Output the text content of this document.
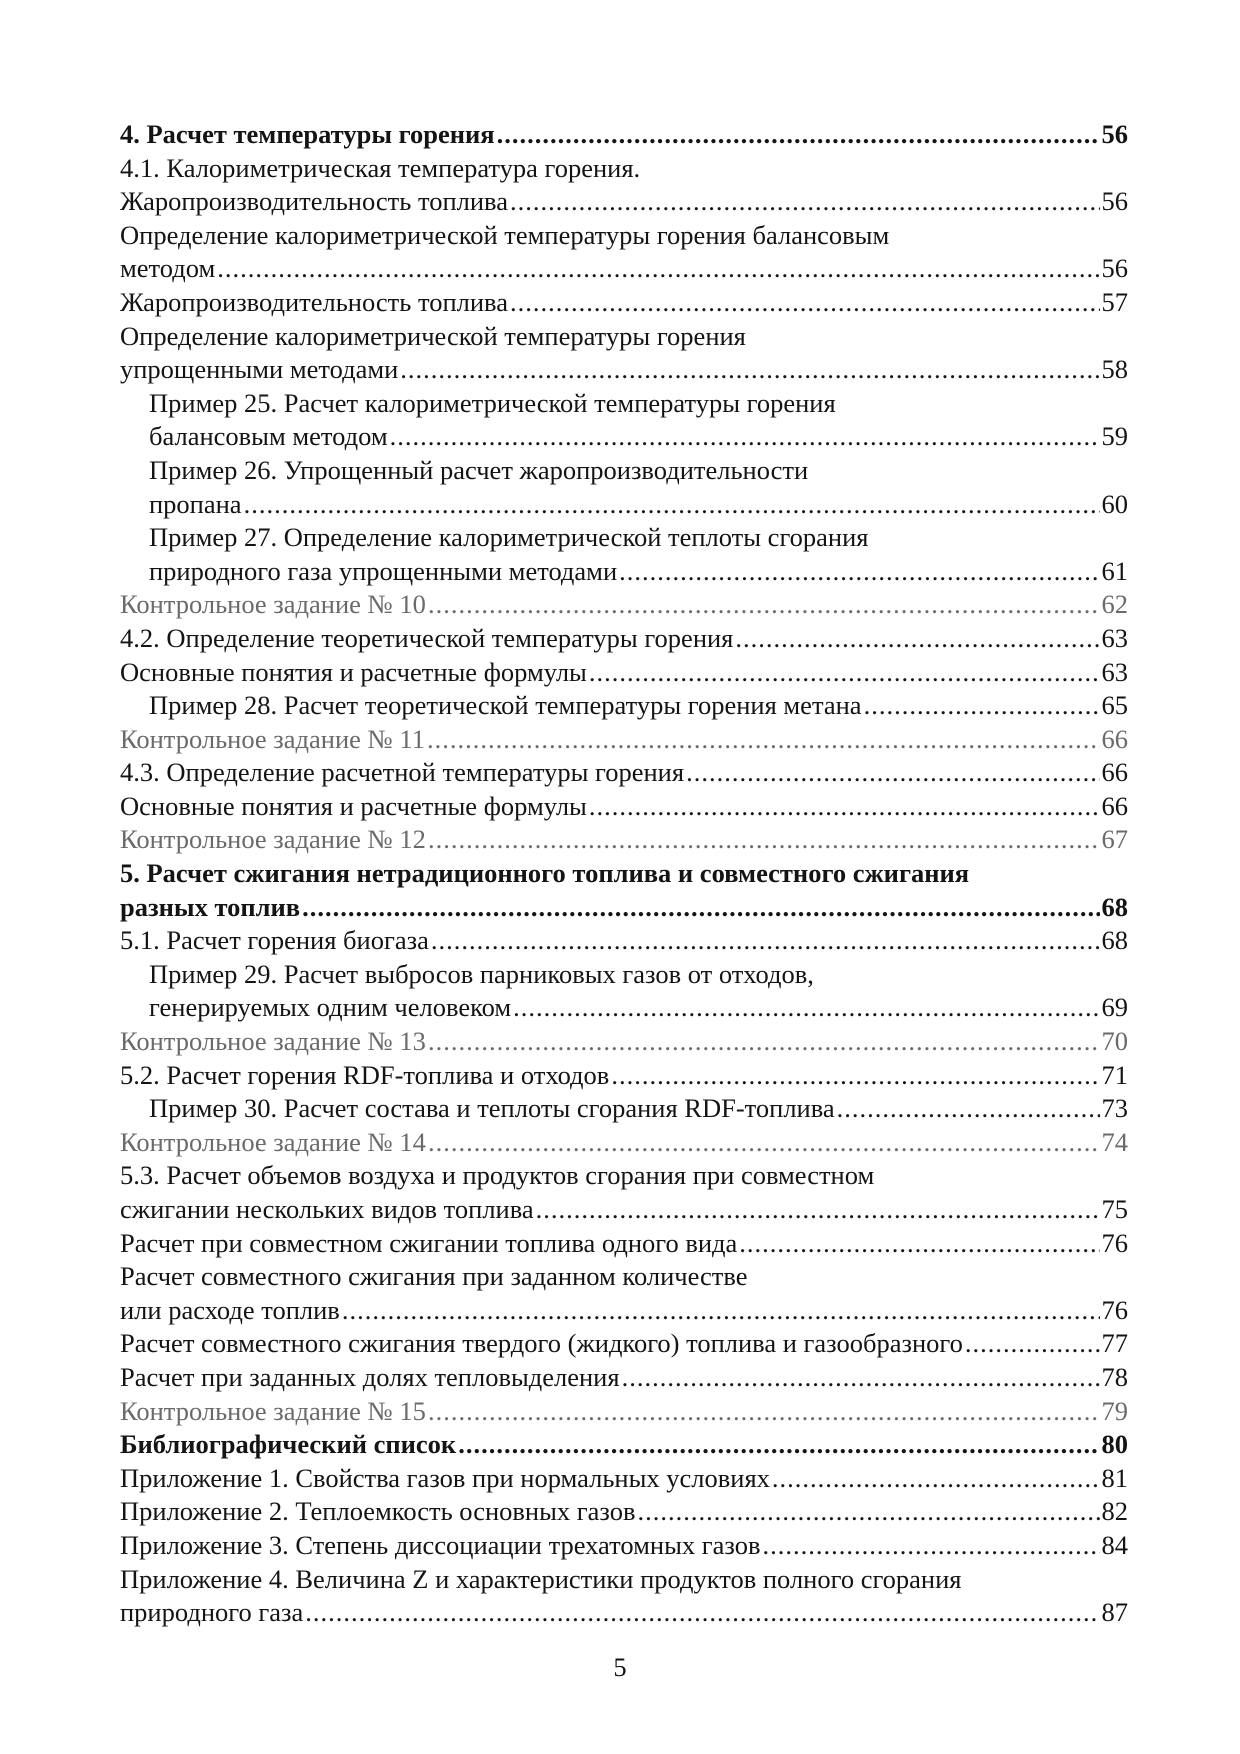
4. Расчет температуры горения .....	56
4.1. Калориметрическая температура горения.
Жаропроизводительность топлива .....	56
Определение калориметрической температуры горения балансовым
методом .....	56
Жаропроизводительность топлива .....	57
Определение калориметрической температуры горения
упрощенными методами .....	58
Пример 25. Расчет калориметрической температуры горения
балансовым методом .....	59
Пример 26. Упрощенный расчет жаропроизводительности
пропана .....	60
Пример 27. Определение калориметрической теплоты сгорания
природного газа упрощенными методами .....	61
Контрольное задание № 10 .....	62
4.2. Определение теоретической температуры горения .....	63
Основные понятия и расчетные формулы .....	63
Пример 28. Расчет теоретической температуры горения метана .....	65
Контрольное задание № 11 .....	66
4.3. Определение расчетной температуры горения .....	66
Основные понятия и расчетные формулы .....	66
Контрольное задание № 12 .....	67
5. Расчет сжигания нетрадиционного топлива и совместного сжигания
разных топлив .....	68
5.1. Расчет горения биогаза .....	68
Пример 29. Расчет выбросов парниковых газов от отходов,
генерируемых одним человеком .....	69
Контрольное задание № 13 .....	70
5.2. Расчет горения RDF-топлива и отходов .....	71
Пример 30. Расчет состава и теплоты сгорания RDF-топлива .....	73
Контрольное задание № 14 .....	74
5.3. Расчет объемов воздуха и продуктов сгорания при совместном
сжигании нескольких видов топлива .....	75
Расчет при совместном сжигании топлива одного вида .....	76
Расчет совместного сжигания при заданном количестве
или расходе топлив .....	76
Расчет совместного сжигания твердого (жидкого) топлива и газообразного .....	77
Расчет при заданных долях тепловыделения .....	78
Контрольное задание № 15 .....	79
Библиографический список .....	80
Приложение 1. Свойства газов при нормальных условиях .....	81
Приложение 2. Теплоемкость основных газов .....	82
Приложение 3. Степень диссоциации трехатомных газов .....	84
Приложение 4. Величина Z и характеристики продуктов полного сгорания
природного газа .....	87
5
